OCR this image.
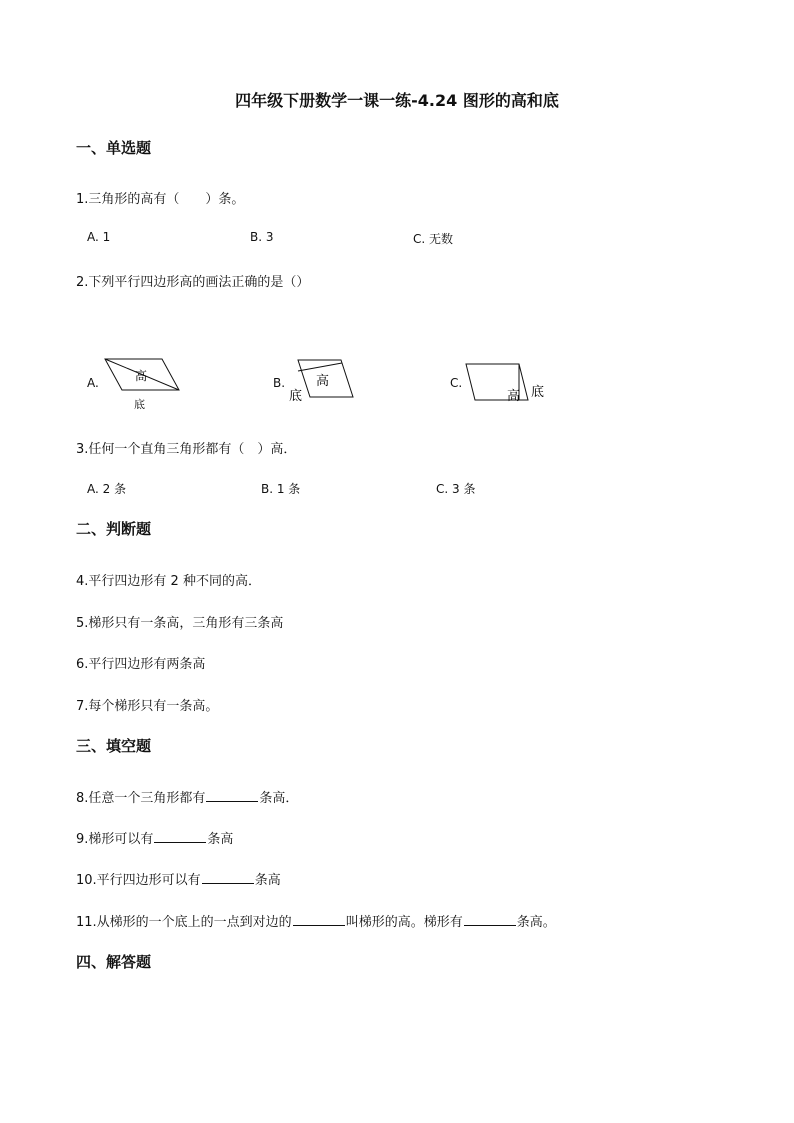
四年级下册数学一课一练-4.24 图形的高和底
一、单选题
1.三角形的高有（　　）条。
A. 1	B. 3	C. 无数
2.下列平行四边形高的画法正确的是（）
A.	高
底
B. 高
底
C.
高 底
3.任何一个直角三角形都有（　）高．
A. 2 条	B. 1 条	C. 3 条
二、判断题
4.平行四边形有 2 种不同的高．
5.梯形只有一条高，三角形有三条高
6.平行四边形有两条高
7.每个梯形只有一条高。
三、填空题
8.任意一个三角形都有	条高．
9.梯形可以有	条高
10.平行四边形可以有	条高
11.从梯形的一个底上的一点到对边的	叫梯形的高。梯形有	条高。
四、解答题
